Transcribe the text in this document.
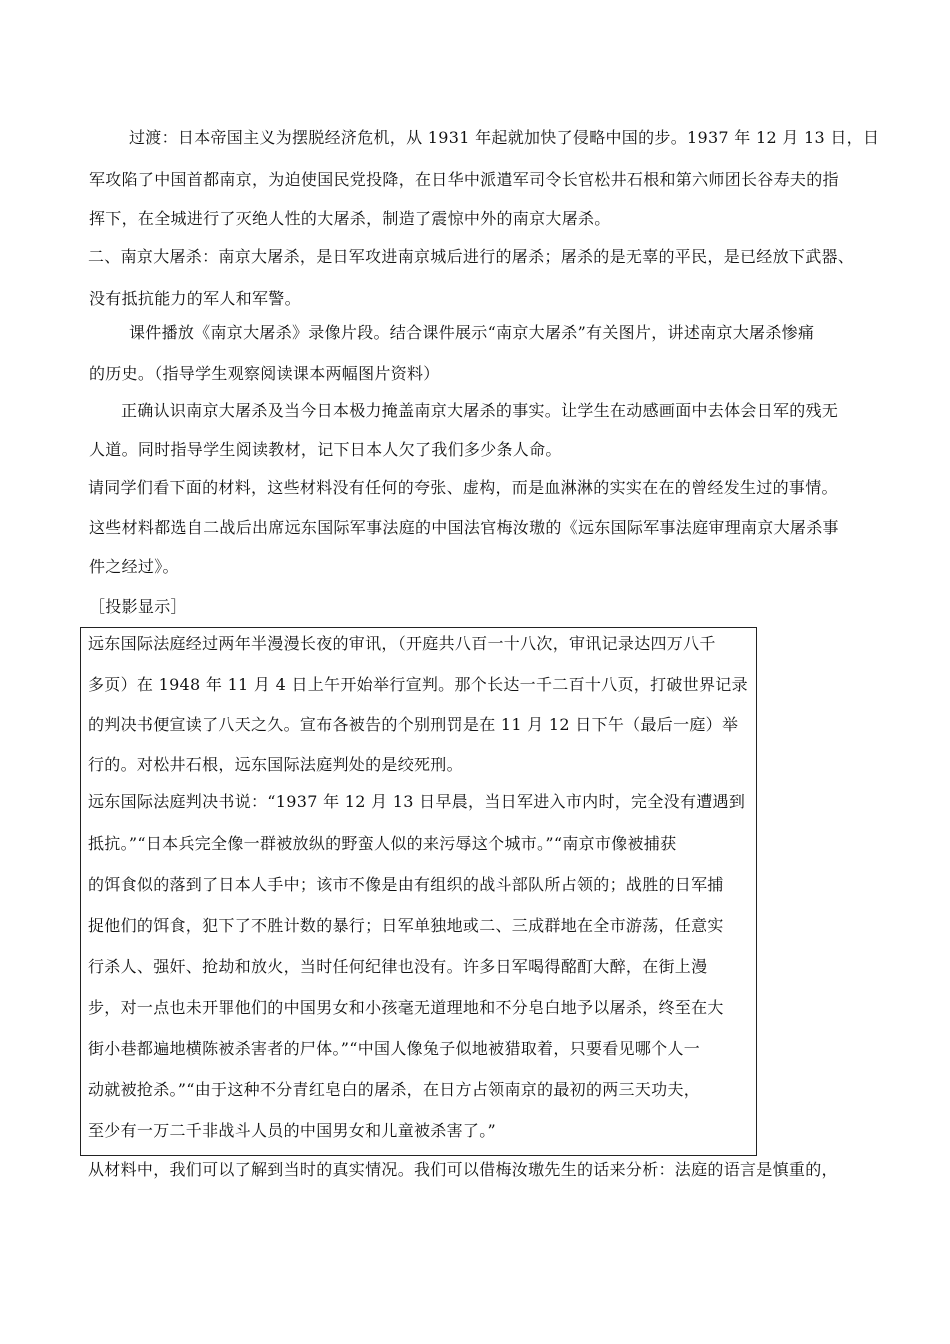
过渡：日本帝国主义为摆脱经济危机，从 1931 年起就加快了侵略中国的步。1937 年 12 月 13 日，日
军攻陷了中国首都南京，为迫使国民党投降，在日华中派遣军司令长官松井石根和第六师团长谷寿夫的指
挥下，在全城进行了灭绝人性的大屠杀，制造了震惊中外的南京大屠杀。
二、南京大屠杀：南京大屠杀，是日军攻进南京城后进行的屠杀；屠杀的是无辜的平民，是已经放下武器、
没有抵抗能力的军人和军警。
课件播放《南京大屠杀》录像片段。结合课件展示“南京大屠杀”有关图片，讲述南京大屠杀惨痛
的历史。（指导学生观察阅读课本两幅图片资料）
正确认识南京大屠杀及当今日本极力掩盖南京大屠杀的事实。让学生在动感画面中去体会日军的残无
人道。同时指导学生阅读教材，记下日本人欠了我们多少条人命。
请同学们看下面的材料，这些材料没有任何的夸张、虚构，而是血淋淋的实实在在的曾经发生过的事情。
这些材料都选自二战后出席远东国际军事法庭的中国法官梅汝璈的《远东国际军事法庭审理南京大屠杀事
件之经过》。
［投影显示］
远东国际法庭经过两年半漫漫长夜的审讯，（开庭共八百一十八次，审讯记录达四万八千
多页）在 1948 年 11 月 4 日上午开始举行宣判。那个长达一千二百十八页，打破世界记录
的判决书便宣读了八天之久。宣布各被告的个别刑罚是在 11 月 12 日下午（最后一庭）举
行的。对松井石根，远东国际法庭判处的是绞死刑。
远东国际法庭判决书说：“1937 年 12 月 13 日早晨，当日军进入市内时，完全没有遭遇到
抵抗。”“日本兵完全像一群被放纵的野蛮人似的来污辱这个城市。”“南京市像被捕获
的饵食似的落到了日本人手中；该市不像是由有组织的战斗部队所占领的；战胜的日军捕
捉他们的饵食，犯下了不胜计数的暴行；日军单独地或二、三成群地在全市游荡，任意实
行杀人、强奸、抢劫和放火，当时任何纪律也没有。许多日军喝得酩酊大醉，在街上漫
步，对一点也未开罪他们的中国男女和小孩毫无道理地和不分皂白地予以屠杀，终至在大
街小巷都遍地横陈被杀害者的尸体。”“中国人像兔子似地被猎取着，只要看见哪个人一
动就被抢杀。”“由于这种不分青红皂白的屠杀，在日方占领南京的最初的两三天功夫，
至少有一万二千非战斗人员的中国男女和儿童被杀害了。”
从材料中，我们可以了解到当时的真实情况。我们可以借梅汝璈先生的话来分析：法庭的语言是慎重的，
